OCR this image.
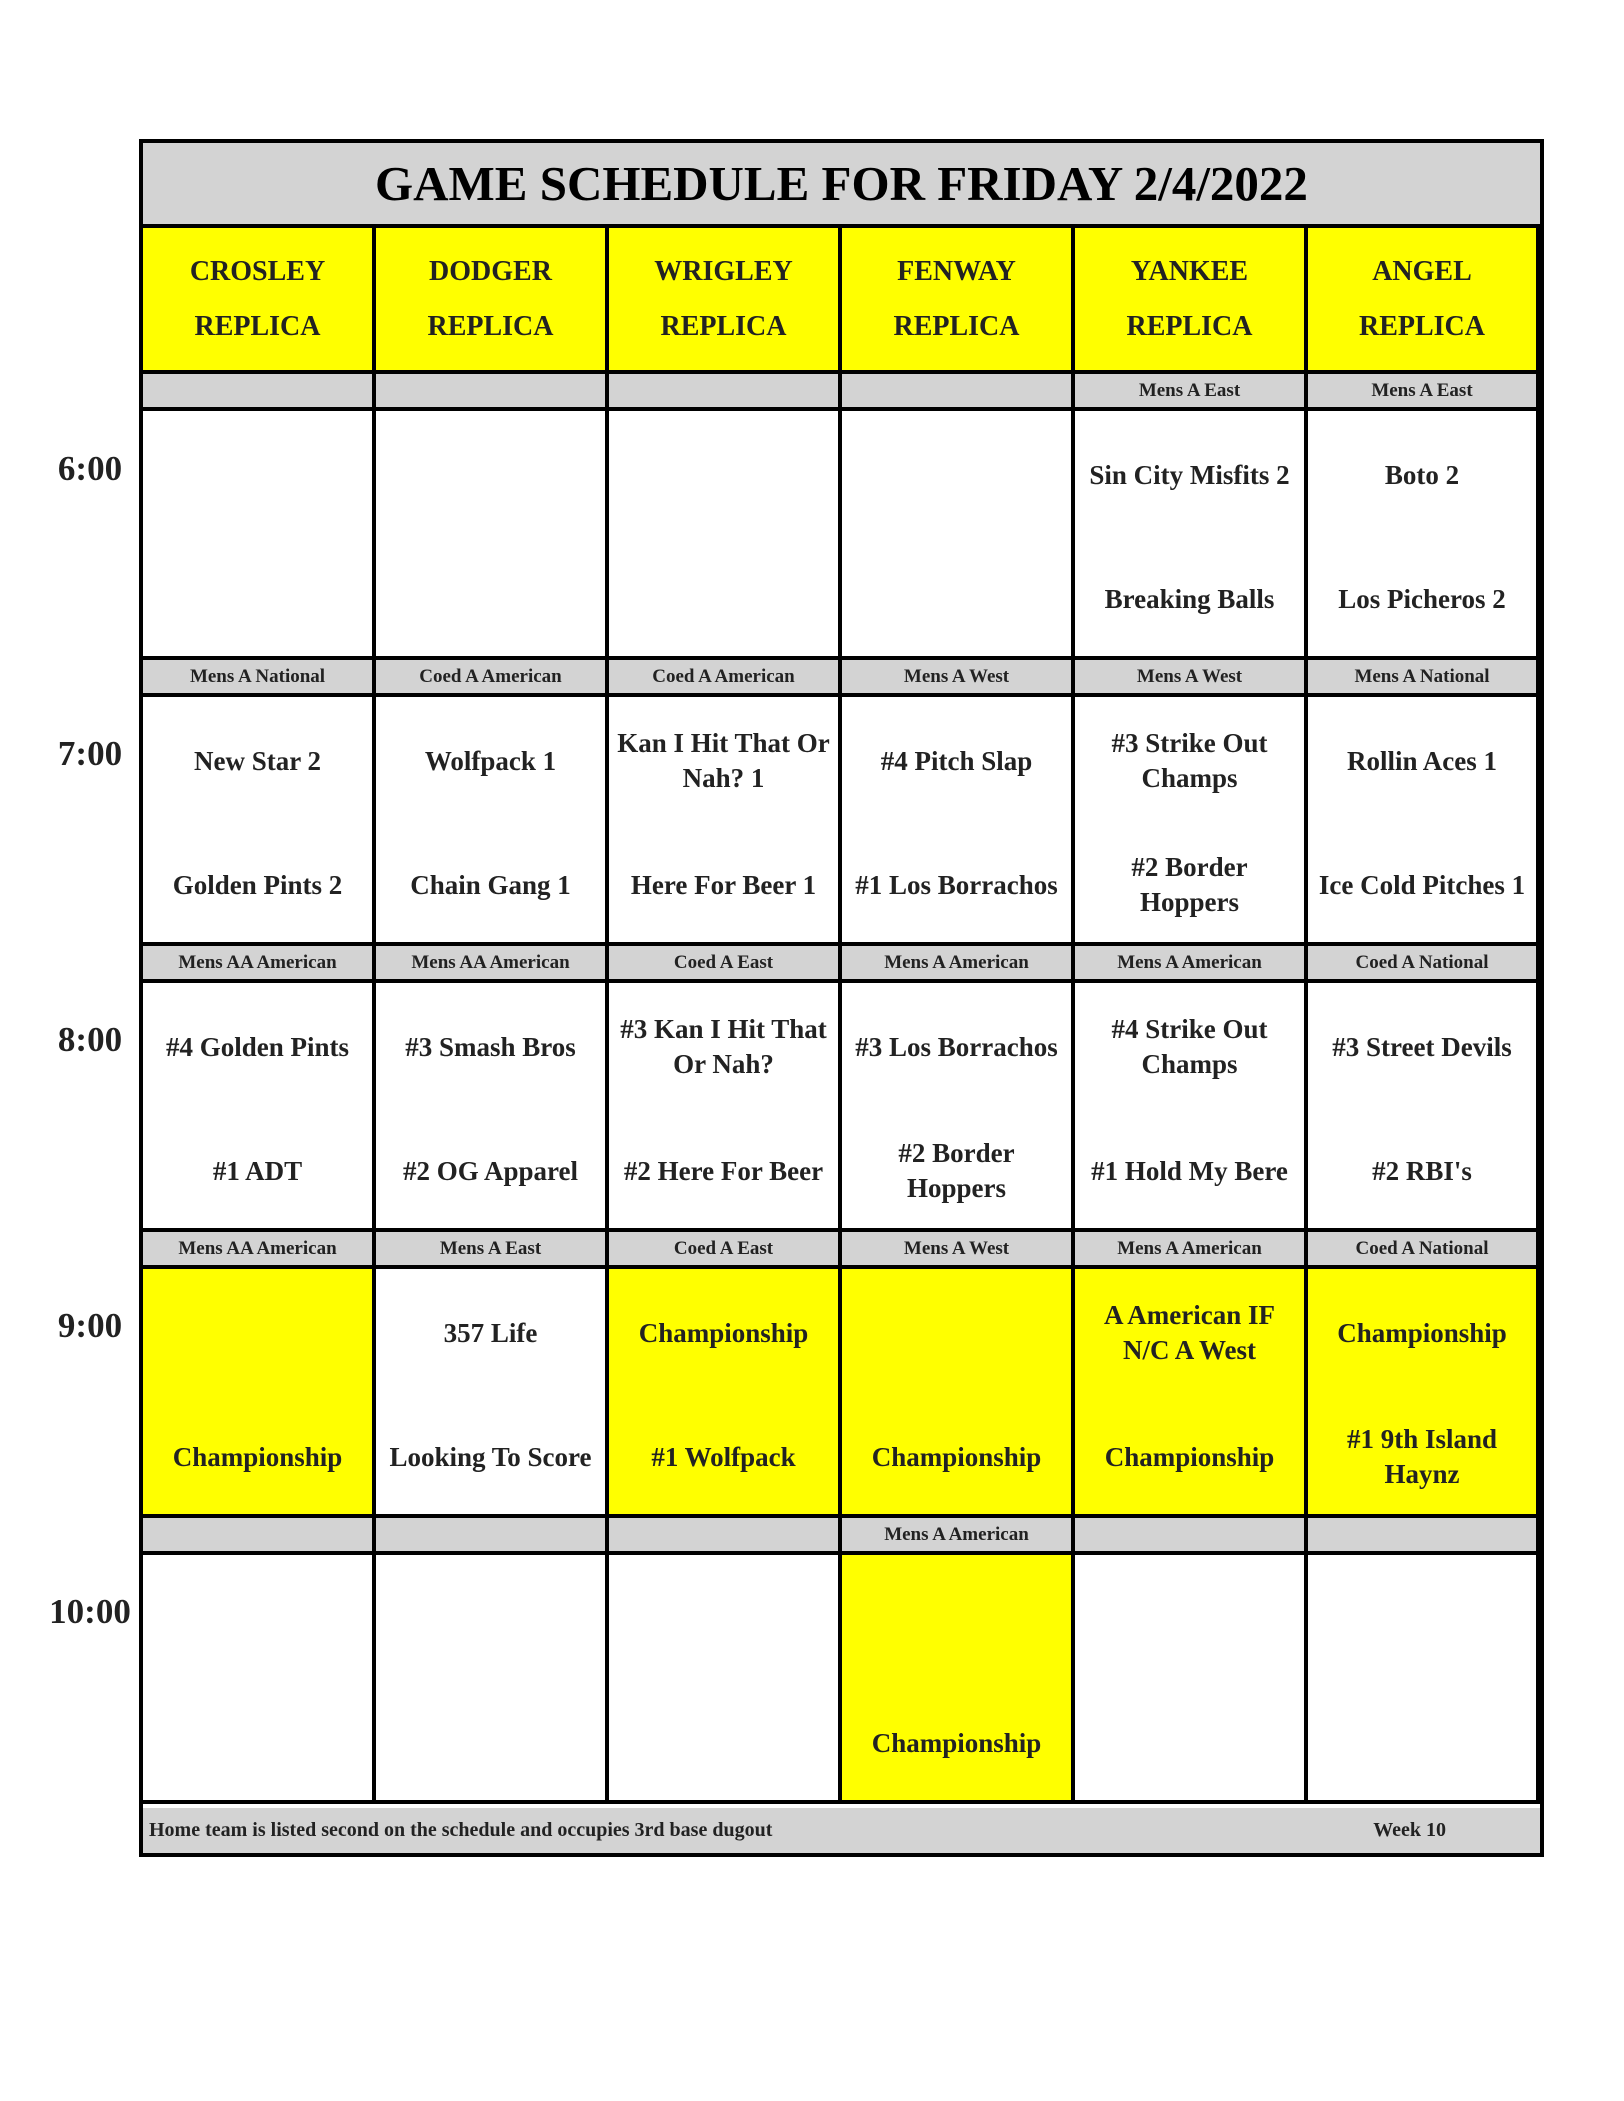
GAME SCHEDULE FOR FRIDAY 2/4/2022
Home team is listed second on the schedule and occupies 3rd base dugout	Week 10
CROSLEY
REPLICA
DODGER
REPLICA
WRIGLEY
REPLICA
FENWAY
REPLICA
YANKEE
REPLICA
ANGEL
REPLICA
Mens A East
Sin City Misfits 2
Breaking Balls
Mens A East
Boto 2
Los Picheros 2
Mens A National
New Star 2
Golden Pints 2
Coed A American
Wolfpack 1
Chain Gang 1
Coed A American
Kan I Hit That Or Nah? 1
Here For Beer 1
Mens A West
#4 Pitch Slap
#1 Los Borrachos
Mens A West
#3 Strike Out Champs
#2 Border Hoppers
Mens A National
Rollin Aces 1
Ice Cold Pitches 1
Mens AA American
#4 Golden Pints
#1 ADT
Mens AA American
#3 Smash Bros
#2 OG Apparel
Coed A East
#3 Kan I Hit That Or Nah?
#2 Here For Beer
Mens A American
#3 Los Borrachos
#2 Border Hoppers
Mens A American
#4 Strike Out Champs
#1 Hold My Bere
Coed A National
#3 Street Devils
#2 RBI's
Mens AA American
Championship
Mens A East
357 Life
Looking To Score
Coed A East
Championship
#1 Wolfpack
Mens A West
Championship
Mens A American
A American IF N/C A West
Championship
Coed A National
Championship
#1 9th Island Haynz
Mens A American
Championship
6:00
7:00
8:00
9:00
10:00
